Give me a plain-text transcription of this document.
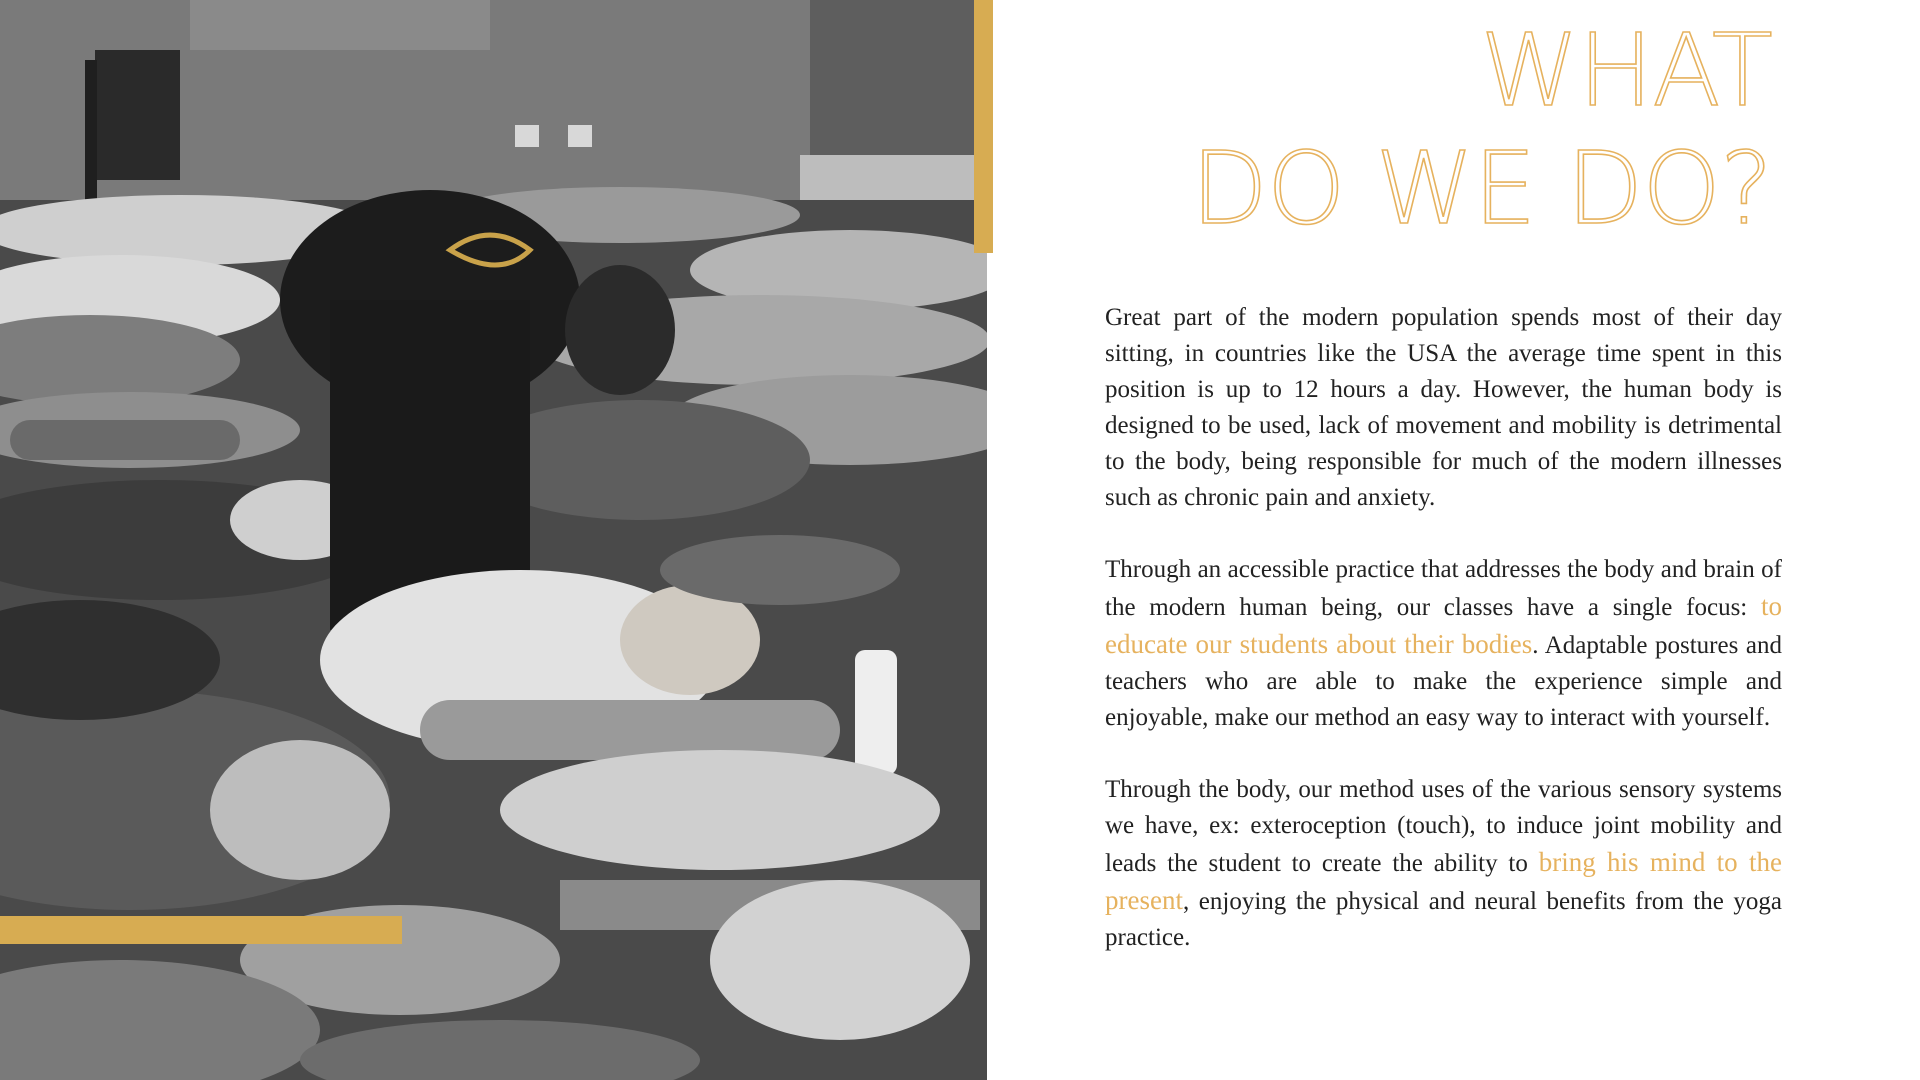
WHAT
DO WE DO?

Great part of the modern population spends most of their day sitting, in countries like the USA the average time spent in this position is up to 12 hours a day. However, the human body is designed to be used, lack of movement and mobility is detrimental to the body, being responsible for much of the modern illnesses such as chronic pain and anxiety.

Through an accessible practice that addresses the body and brain of the modern human being, our classes have a single focus: to educate our students about their bodies. Adaptable postures and teachers who are able to make the experience simple and enjoyable, make our method an easy way to interact with yourself.

Through the body, our method uses of the various sensory systems we have, ex: exteroception (touch), to induce joint mobility and leads the student to create the ability to bring his mind to the present, enjoying the physical and neural benefits from the yoga practice.
